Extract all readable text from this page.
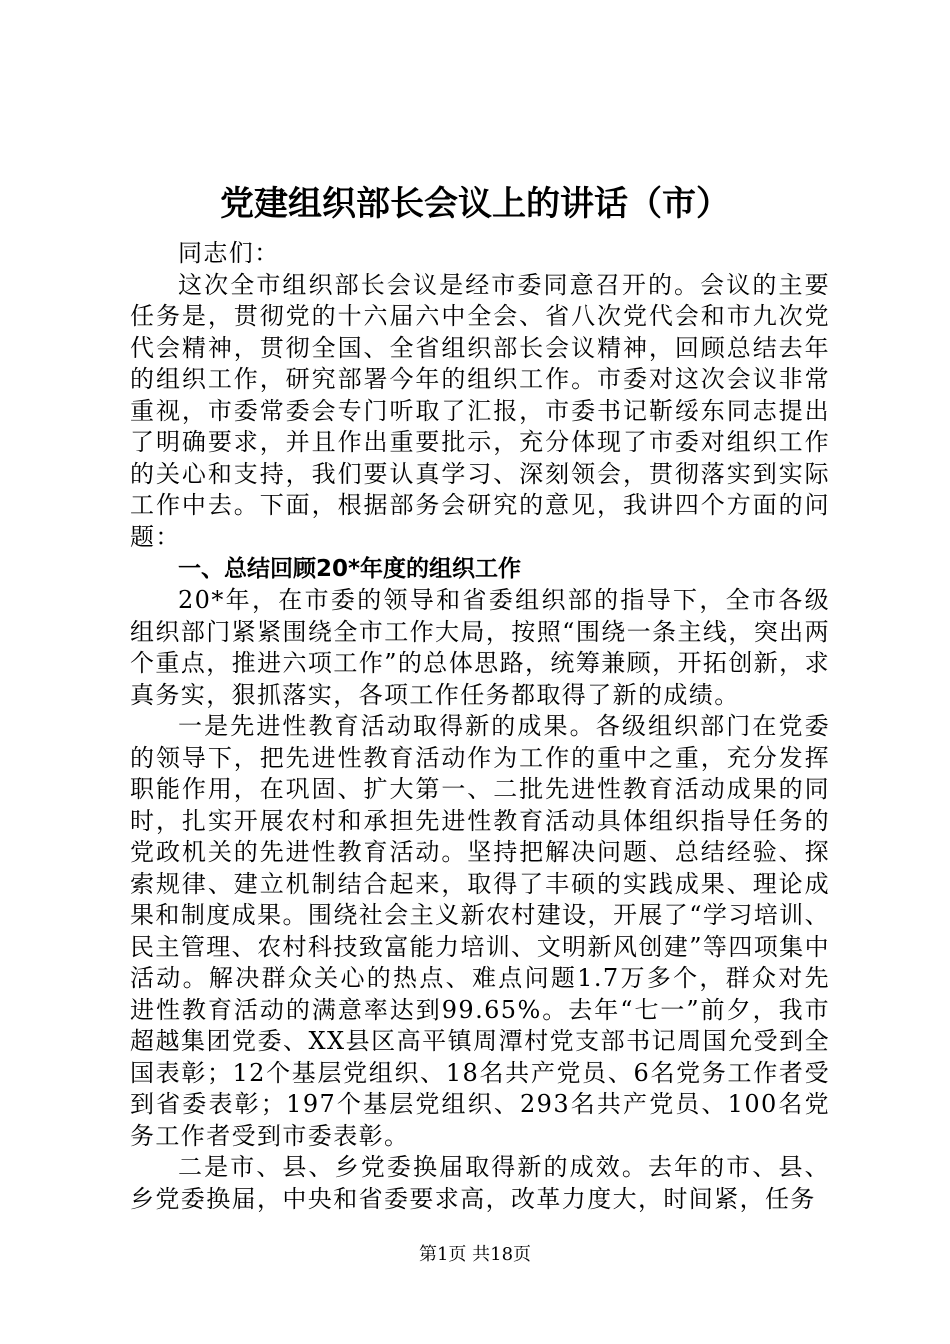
党建组织部长会议上的讲话（市）

同志们：

这次全市组织部长会议是经市委同意召开的。会议的主要任务是，贯彻党的十六届六中全会、省八次党代会和市九次党代会精神，贯彻全国、全省组织部长会议精神，回顾总结去年的组织工作，研究部署今年的组织工作。市委对这次会议非常重视，市委常委会专门听取了汇报，市委书记靳绥东同志提出了明确要求，并且作出重要批示，充分体现了市委对组织工作的关心和支持，我们要认真学习、深刻领会，贯彻落实到实际工作中去。下面，根据部务会研究的意见，我讲四个方面的问题：

一、总结回顾20*年度的组织工作

20*年，在市委的领导和省委组织部的指导下，全市各级组织部门紧紧围绕全市工作大局，按照“围绕一条主线，突出两个重点，推进六项工作”的总体思路，统筹兼顾，开拓创新，求真务实，狠抓落实，各项工作任务都取得了新的成绩。

一是先进性教育活动取得新的成果。各级组织部门在党委的领导下，把先进性教育活动作为工作的重中之重，充分发挥职能作用，在巩固、扩大第一、二批先进性教育活动成果的同时，扎实开展农村和承担先进性教育活动具体组织指导任务的党政机关的先进性教育活动。坚持把解决问题、总结经验、探索规律、建立机制结合起来，取得了丰硕的实践成果、理论成果和制度成果。围绕社会主义新农村建设，开展了“学习培训、民主管理、农村科技致富能力培训、文明新风创建”等四项集中活动。解决群众关心的热点、难点问题1.7万多个，群众对先进性教育活动的满意率达到99.65%。去年“七一”前夕，我市超越集团党委、XX县区高平镇周潭村党支部书记周国允受到全国表彰；12个基层党组织、18名共产党员、6名党务工作者受到省委表彰；197个基层党组织、293名共产党员、100名党务工作者受到市委表彰。

二是市、县、乡党委换届取得新的成效。去年的市、县、乡党委换届，中央和省委要求高，改革力度大，时间紧，任务

第1页 共18页
